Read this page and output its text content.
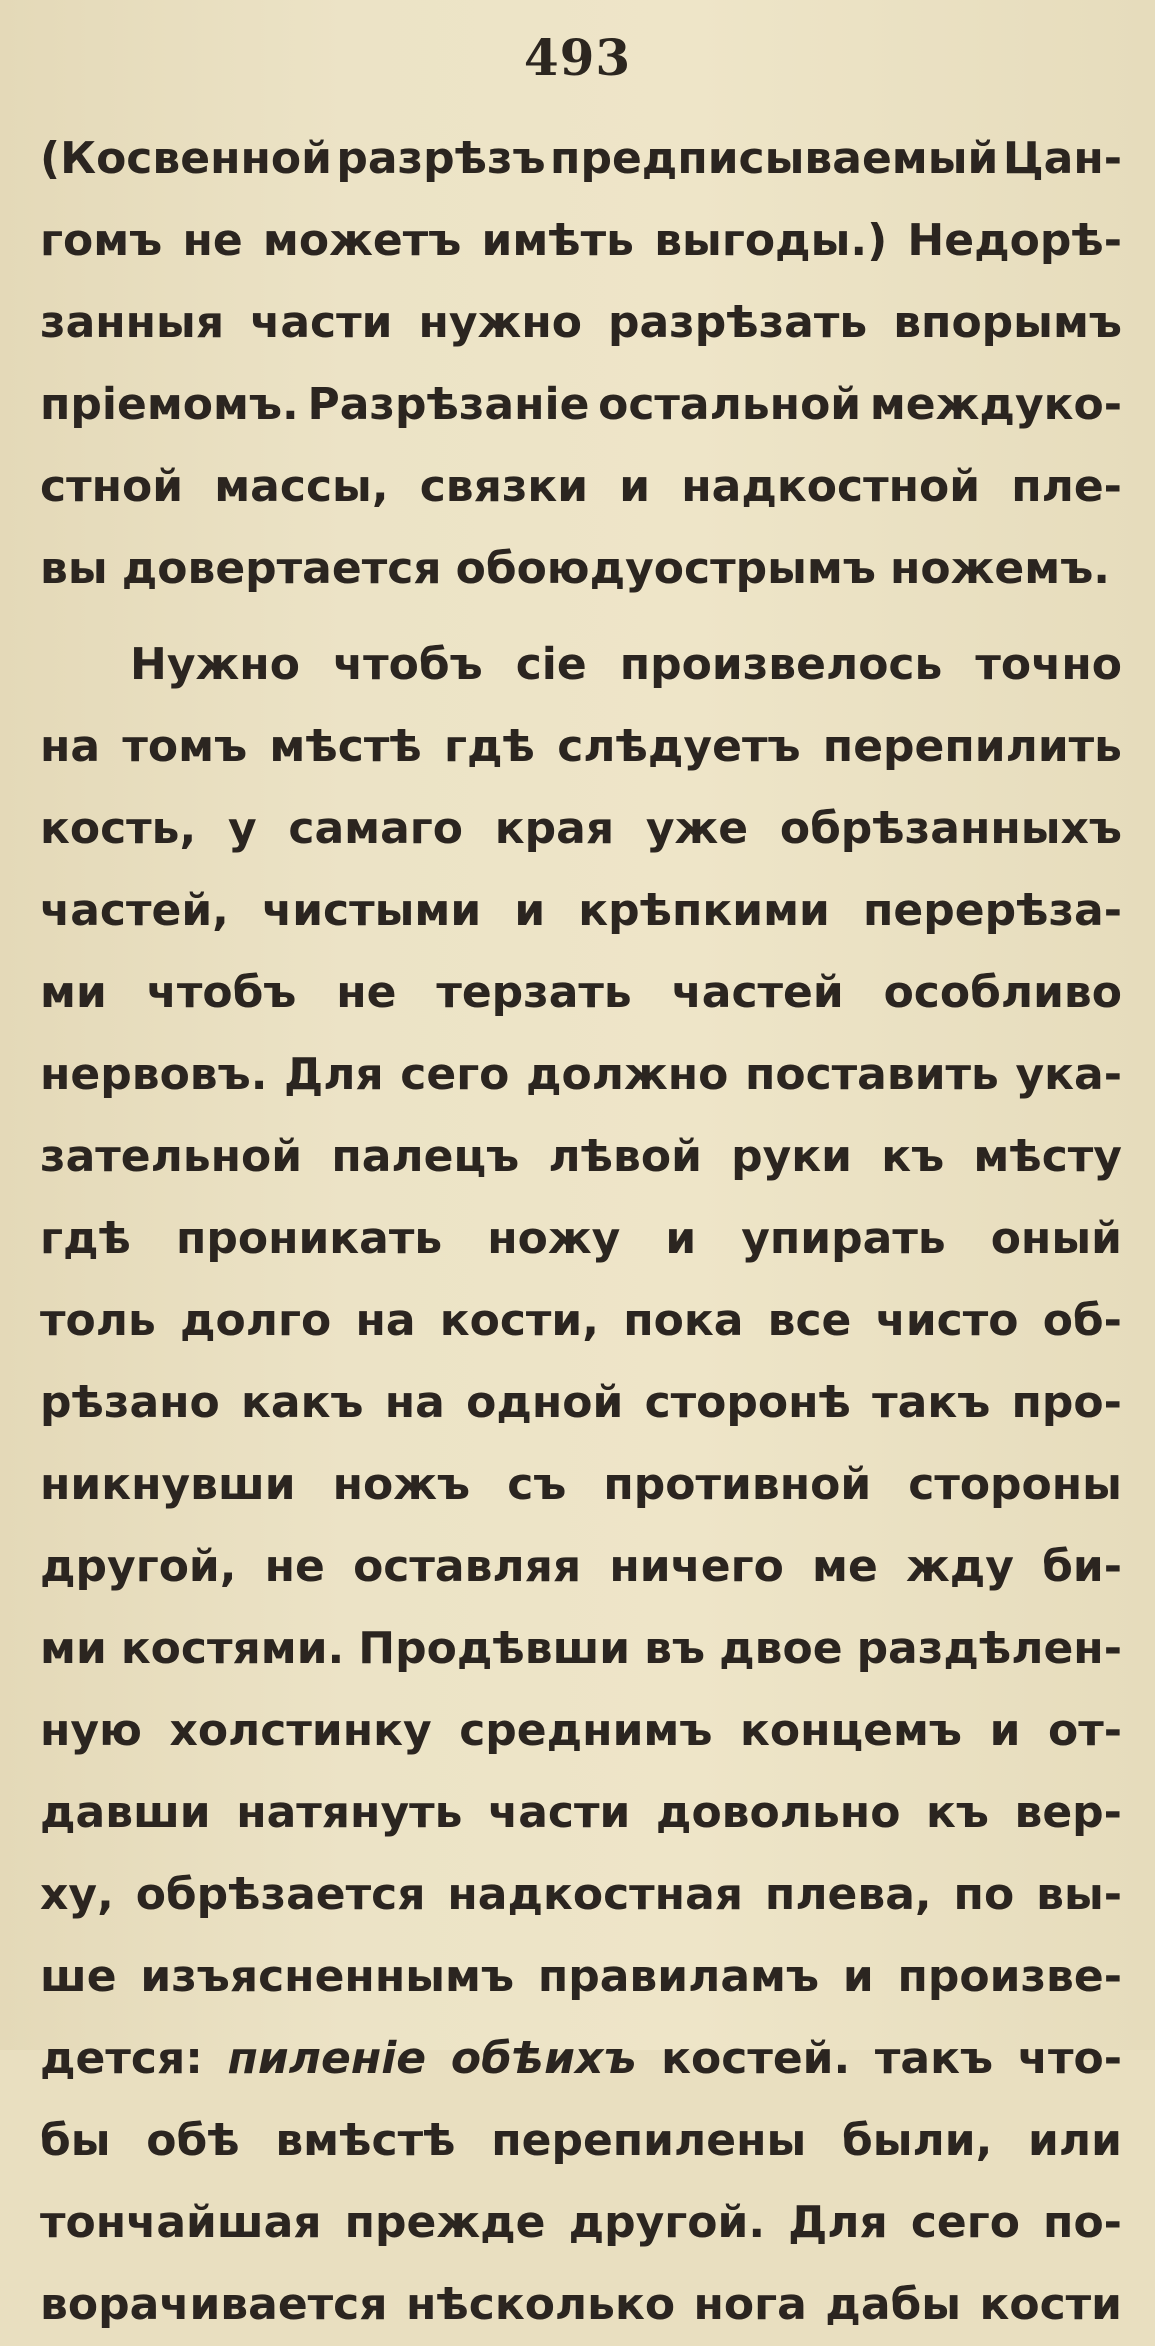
493
(Косвенной разрѣзъ предписываемый Цан-
гомъ не можетъ имѣть выгоды.) Недорѣ-
занныя части нужно разрѣзать впорымъ
пріемомъ. Разрѣзаніе остальной междуко-
стной массы, связки и надкостной пле-
вы довертается обоюдуострымъ ножемъ.
Нужно чтобъ сіе произвелось точно
на томъ мѣстѣ гдѣ слѣдуетъ перепилить
кость, у самаго края уже обрѣзанныхъ
частей, чистыми и крѣпкими перерѣза-
ми чтобъ не терзать частей особливо
нервовъ. Для сего должно поставить ука-
зательной палецъ лѣвой руки къ мѣсту
гдѣ проникать ножу и упирать оный
толь долго на кости, пока все чисто об-
рѣзано какъ на одной сторонѣ такъ про-
никнувши ножъ съ противной стороны
другой, не оставляя ничего ме жду би-
ми костями. Продѣвши въ двое раздѣлен-
ную холстинку среднимъ концемъ и от-
давши натянуть части довольно къ вер-
ху, обрѣзается надкостная плева, по вы-
ше изъясненнымъ правиламъ и произве-
дется: пиленіе обѣихъ костей. такъ что-
бы обѣ вмѣстѣ перепилены были, или
тончайшая прежде другой. Для сего по-
ворачивается нѣсколько нога дабы кости
